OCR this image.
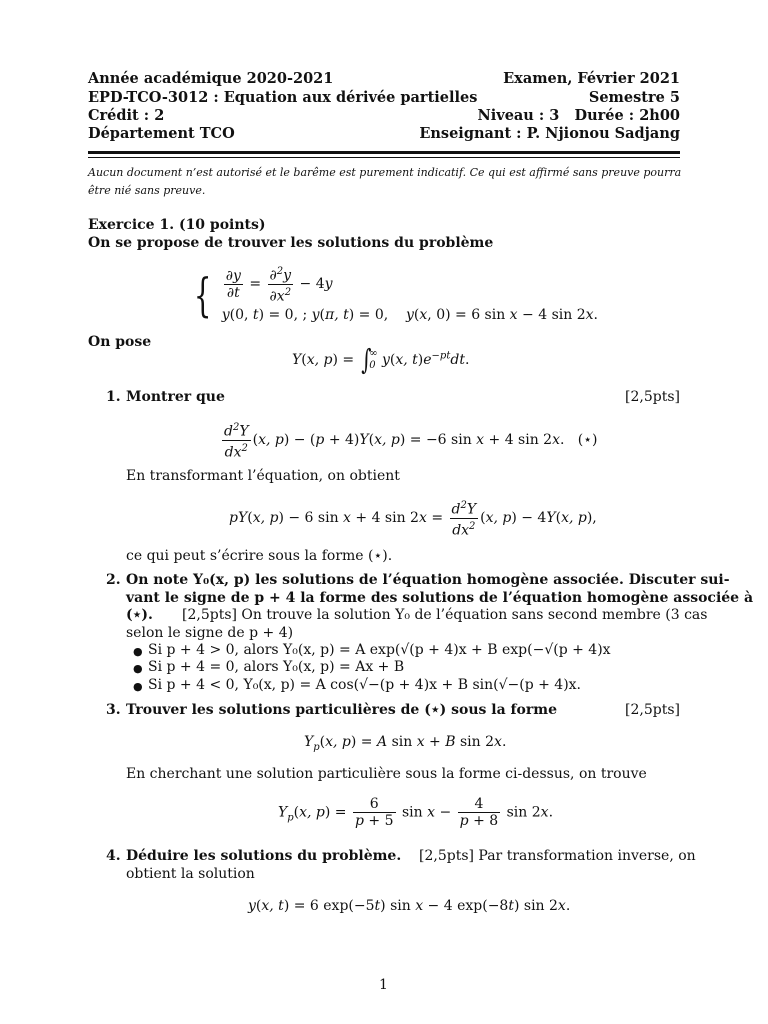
Année académique 2020-2021
EPD-TCO-3012 : Equation aux dérivée partielles
Crédit : 2
Département TCO
Examen, Février 2021
Semestre 5
Niveau : 3   Durée : 2h00
Enseignant : P. Njionou Sadjang
Aucun document n’est autorisé et le barême est purement indicatif. Ce qui est affirmé sans preuve pourra être nié sans preuve.
Exercice 1. (10 points)
On se propose de trouver les solutions du problème
{ $\frac{\partial y}{\partial t} = \frac{\partial^2y}{\partial x^2} - 4y$
y(0, t) = 0, ; y(π, t) = 0,    y(x, 0) = 6 sin x − 4 sin 2x.
On pose
Y(x, p) = ∫
∞
0 y(x, $t)e^{-pt}dt$.
1. Montrer que	[2,5pts]
$\frac{d^2Y}{dx^2} (x$, p) − (p + 4)Y(x, p) = −6 sin x + 4 sin 2x.   (⋆)
En transformant l’équation, on obtient
pY(x, p) − 6 sin x + 4 $\sin 2x = \frac{d^2Y}{dx^2} (x$, p) − 4Y(x, p),
ce qui peut s’écrire sous la forme (⋆).
2. On note Y₀(x, p) les solutions de l’équation homogène associée. Discuter sui-
vant le signe de p + 4 la forme des solutions de l’équation homogène associée à
(⋆). [2,5pts] On trouve la solution Y₀ de l’équation sans second membre (3 cas
selon le signe de p + 4)
● Si p + 4 > 0, alors Y₀(x, p) = A exp(√(p + 4)x + B exp(−√(p + 4)x
● Si p + 4 = 0, alors Y₀(x, p) = Ax + B
● Si p + 4 < 0, Y₀(x, p) = A cos(√−(p + 4)x + B sin(√−(p + 4)x.
3. Trouver les solutions particulières de (⋆) sous la forme	[2,5pts]
$Y_p(x$, p) = A sin x + B sin 2x.
En cherchant une solution particulière sous la forme ci-dessus, on trouve
$Y_p(x$, $p) = \frac{6}{p + 5}$ $\sin x - \frac{4}{p + 8}$ sin 2x.
4. Déduire les solutions du problème. [2,5pts] Par transformation inverse, on
obtient la solution
y(x, t) = 6 exp(−5t) sin x − 4 exp(−8t) sin 2x.
1
